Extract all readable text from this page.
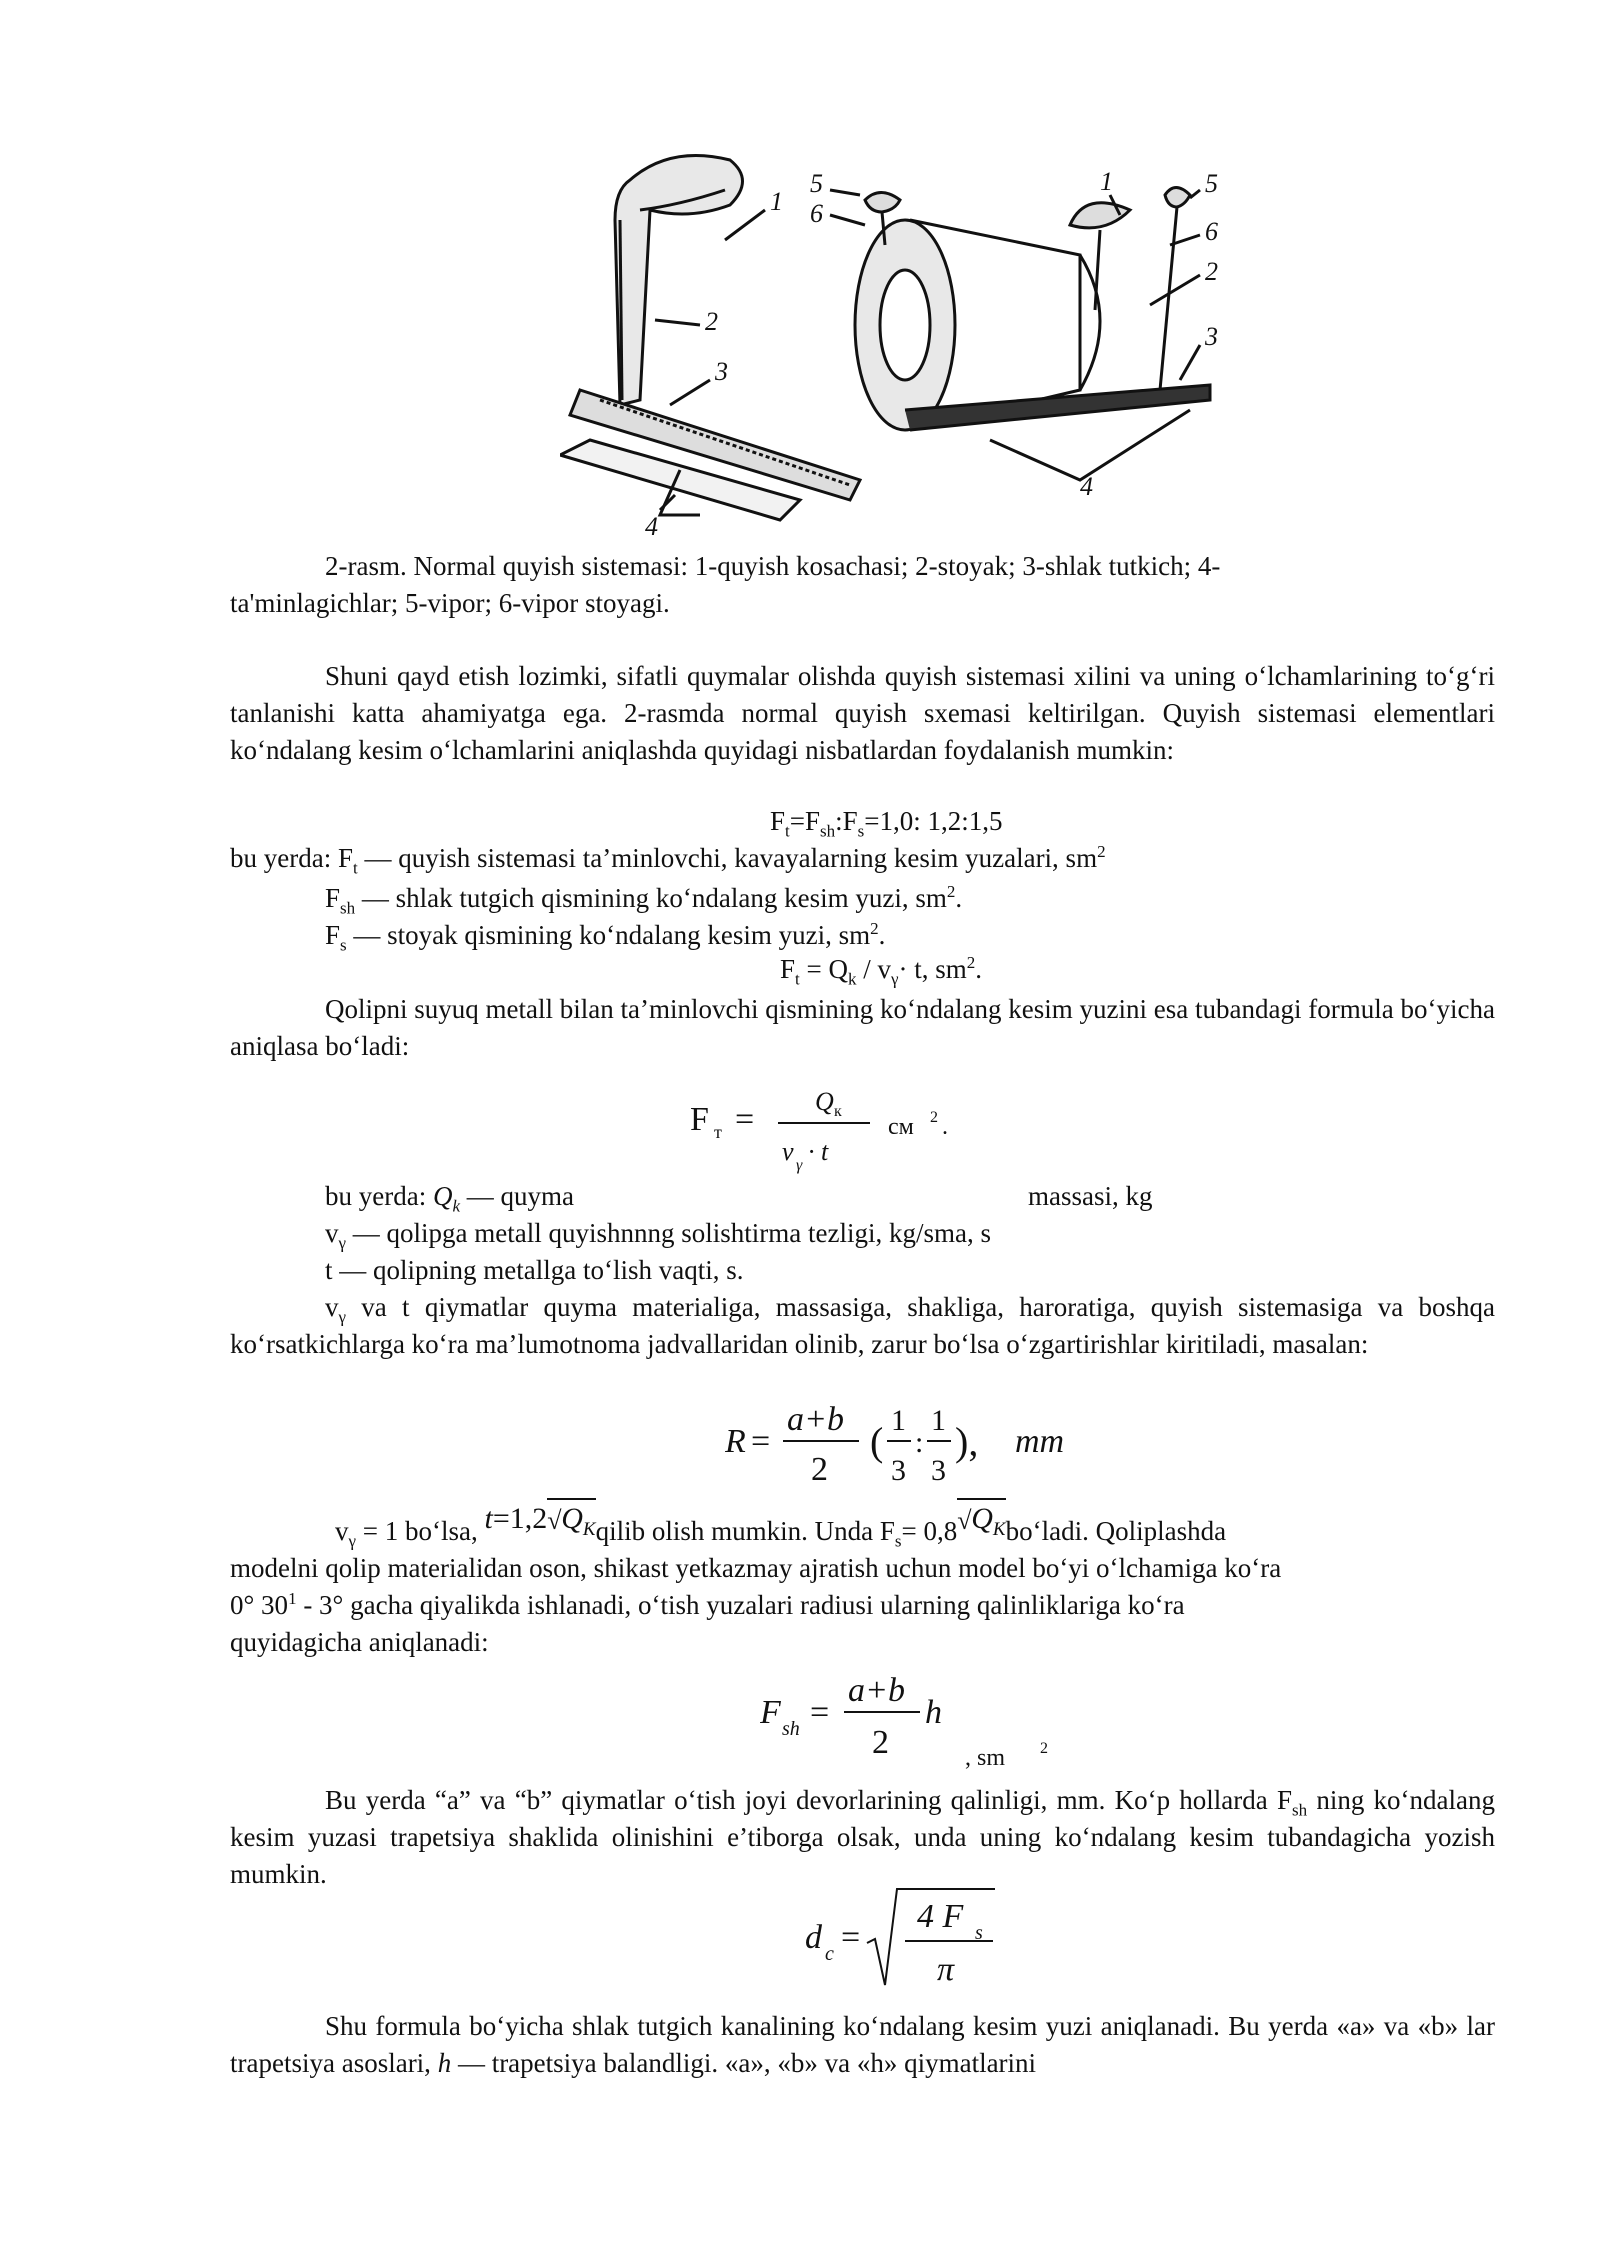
1
2
3
4
5
6
1	5
6
2
3
4
2-rasm. Normal quyish sistemasi: 1-quyish kosachasi; 2-stoyak; 3-shlak tutkich; 4-
ta'minlagichlar; 5-vipor; 6-vipor stoyagi.

Shuni qayd etish lozimki, sifatli quymalar olishda quyish sistemasi xilini va uning o‘lchamlarining to‘g‘ri tanlanishi katta ahamiyatga ega. 2-rasmda normal quyish sxemasi keltirilgan. Quyish sistemasi elementlari ko‘ndalang kesim o‘lchamlarini aniqlashda quyidagi nisbatlardan foydalanish mumkin:

$F_t=F_{sh}:F_s=1,0$: 1,2:1,5
bu yerda: $F_t$ — quyish sistemasi ta’minlovchi, kavayalarning kesim yuzalari, $sm^2$
$F_{sh}$ — shlak tutgich qismining ko‘ndalang kesim yuzi, $sm^2$.
$F_s$ — stoyak qismining ko‘ndalang kesim yuzi, $sm^2$.
$F_t = Q_k / v_\gamma\cdot t$, $sm^2$.

Qolipni suyuq metall bilan ta’minlovchi qismining ko‘ndalang kesim yuzini esa tubandagi formula bo‘yicha aniqlasa bo‘ladi:

F т = Q к
v γ · t
см 2 .
bu yerda: $Q_k$ — quyma	massasi, kg
$v_\gamma$ — qolipga metall quyishnnng solishtirma tezligi, kg/sma, s
t — qolipning metallga to‘lish vaqti, s.

$v_\gamma$ va t qiymatlar quyma materialiga, massasiga, shakliga, haroratiga, quyish sistemasiga va boshqa ko‘rsatkichlarga ko‘ra ma’lumotnoma jadvallaridan olinib, zarur bo‘lsa o‘zgartirishlar kiritiladi, masalan:

R =
a+b
2
( 1
3
:
1
3
), mm
$v_\gamma = 1$ bo‘lsa, t=1,2 √ $Q_Kqilib$ olish mumkin. Unda $F_s= 0,8$ √ $Q_Kbo‘ladi$. Qoliplashda
modelni qolip materialidan oson, shikast yetkazmay ajratish uchun model bo‘yi o‘lchamiga ko‘ra
0° $30^1 - 3^\circ$ gacha qiyalikda ishlanadi, o‘tish yuzalari radiusi ularning qalinliklariga ko‘ra
quyidagicha aniqlanadi:
F sh =
a+b
2
h
, sm 2

Bu yerda “a” va “b” qiymatlar o‘tish joyi devorlarining qalinligi, mm. Ko‘p hollarda $F_{sh}$ ning ko‘ndalang kesim yuzasi trapetsiya shaklida olinishini e’tiborga olsak, unda uning ko‘ndalang kesim tubandagicha yozish mumkin.

d c =
4 F s
π

Shu formula bo‘yicha shlak tutgich kanalining ko‘ndalang kesim yuzi aniqlanadi. Bu yerda «a» va «b» lar trapetsiya asoslari, h — trapetsiya balandligi. «a», «b» va «h» qiymatlarini
